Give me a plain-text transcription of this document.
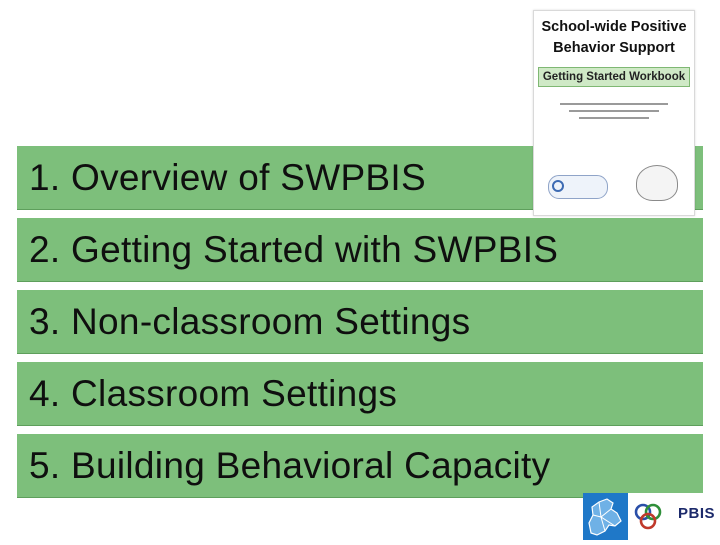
1. Overview of SWPBIS
2. Getting Started with SWPBIS
3. Non-classroom Settings
4. Classroom Settings
5. Building Behavioral Capacity
School-wide Positive
Behavior Support
Getting Started Workbook
PBIS
